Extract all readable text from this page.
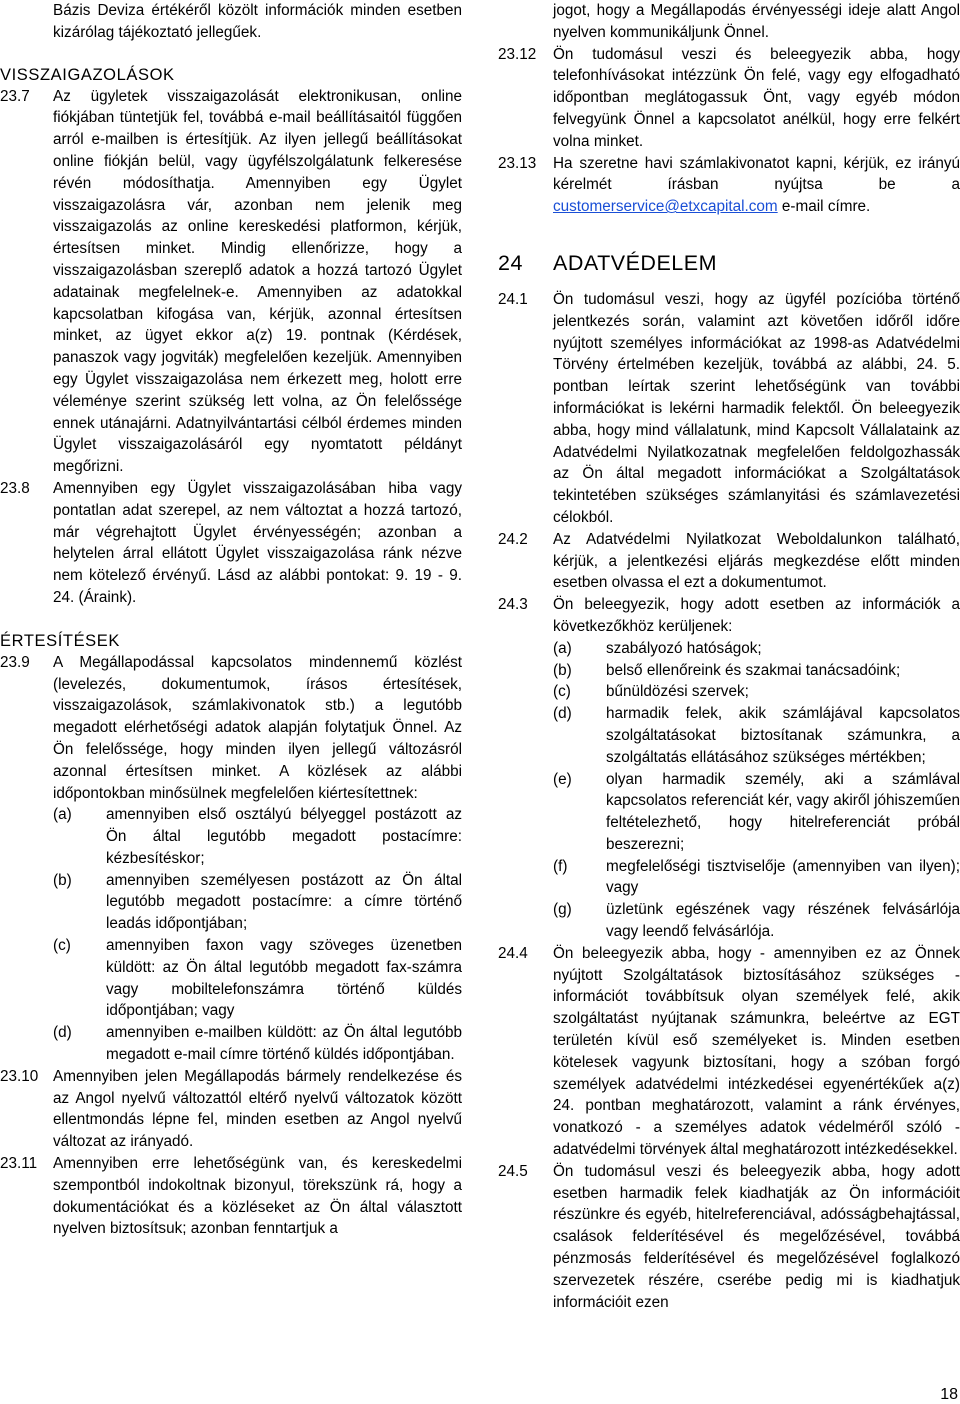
Bázis Deviza értékéről közölt információk minden esetben kizárólag tájékoztató jellegűek.

VISSZAIGAZOLÁSOK

23.7	Az ügyletek visszaigazolását elektronikusan, online fiókjában tüntetjük fel, továbbá e-mail beállításaitól függően arról e-mailben is értesítjük. Az ilyen jellegű beállításokat online fiókján belül, vagy ügyfélszolgálatunk felkeresése révén módosíthatja. Amennyiben egy Ügylet visszaigazolásra vár, azonban nem jelenik meg visszaigazolás az online kereskedési platformon, kérjük, értesítsen minket. Mindig ellenőrizze, hogy a visszaigazolásban szereplő adatok a hozzá tartozó Ügylet adatainak megfelelnek-e. Amennyiben az adatokkal kapcsolatban kifogása van, kérjük, azonnal értesítsen minket, az ügyet ekkor a(z) 19. pontnak (Kérdések, panaszok vagy jogviták) megfelelően kezeljük. Amennyiben egy Ügylet visszaigazolása nem érkezett meg, holott erre véleménye szerint szükség lett volna, az Ön felelőssége ennek utánajárni. Adatnyilvántartási célból érdemes minden Ügylet visszaigazolásáról egy nyomtatott példányt megőrizni.

23.8	Amennyiben egy Ügylet visszaigazolásában hiba vagy pontatlan adat szerepel, az nem változtat a hozzá tartozó, már végrehajtott Ügylet érvényességén; azonban a helytelen árral ellátott Ügylet visszaigazolása ránk nézve nem kötelező érvényű. Lásd az alábbi pontokat: 9. 19 - 9. 24. (Áraink).

ÉRTESÍTÉSEK

23.9	A Megállapodással kapcsolatos mindennemű közlést (levelezés, dokumentumok, írásos értesítések, visszaigazolások, számlakivonatok stb.) a legutóbb megadott elérhetőségi adatok alapján folytatjuk Önnel. Az Ön felelőssége, hogy minden ilyen jellegű változásról azonnal értesítsen minket. A közlések az alábbi időpontokban minősülnek megfelelően kiértesítettnek:

(a)	amennyiben első osztályú bélyeggel postázott az Ön által legutóbb megadott postacímre: kézbesítéskor;

(b)	amennyiben személyesen postázott az Ön által legutóbb megadott postacímre: a címre történő leadás időpontjában;

(c)	amennyiben faxon vagy szöveges üzenetben küldött: az Ön által legutóbb megadott fax-számra vagy mobiltelefonszámra történő küldés időpontjában; vagy

(d)	amennyiben e-mailben küldött: az Ön által legutóbb megadott e-mail címre történő küldés időpontjában.

23.10 Amennyiben jelen Megállapodás bármely rendelkezése és az Angol nyelvű változattól eltérő nyelvű változatok között ellentmondás lépne fel, minden esetben az Angol nyelvű változat az irányadó.

23.11	Amennyiben erre lehetőségünk van, és kereskedelmi szempontból indokoltnak bizonyul, törekszünk rá, hogy a dokumentációkat és a közléseket az Ön által választott nyelven biztosítsuk; azonban fenntartjuk a

jogot, hogy a Megállapodás érvényességi ideje alatt Angol nyelven kommunikáljunk Önnel.

23.12	Ön tudomásul veszi és beleegyezik abba, hogy telefonhívásokat intézzünk Ön felé, vagy egy elfogadható időpontban meglátogassuk Önt, vagy egyéb módon felvegyünk Önnel a kapcsolatot anélkül, hogy erre felkért volna minket.

23.13	Ha szeretne havi számlakivonatot kapni, kérjük, ez irányú kérelmét írásban nyújtsa be a customerservice@etxcapital.com e-mail címre.

24	ADATVÉDELEM
24.1	Ön tudomásul veszi, hogy az ügyfél pozícióba történő jelentkezés során, valamint azt követően időről időre nyújtott személyes információkat az 1998-as Adatvédelmi Törvény értelmében kezeljük, továbbá az alábbi, 24. 5. pontban leírtak szerint lehetőségünk van további információkat is lekérni harmadik felektől. Ön beleegyezik abba, hogy mind vállalatunk, mind Kapcsolt Vállalataink az Adatvédelmi Nyilatkozatnak megfelelően feldolgozhassák az Ön által megadott információkat a Szolgáltatások tekintetében szükséges számlanyitási és számlavezetési célokból.

24.2	Az Adatvédelmi Nyilatkozat Weboldalunkon található, kérjük, a jelentkezési eljárás megkezdése előtt minden esetben olvassa el ezt a dokumentumot.

24.3	Ön beleegyezik, hogy adott esetben az információk a következőkhöz kerüljenek:

(a)	szabályozó hatóságok;

(b)	belső ellenőreink és szakmai tanácsadóink;

(c)	bűnüldözési szervek;

(d)	harmadik felek, akik számlájával kapcsolatos szolgáltatásokat biztosítanak számunkra, a szolgáltatás ellátásához szükséges mértékben;

(e)	olyan harmadik személy, aki a számlával kapcsolatos referenciát kér, vagy akiről jóhiszeműen feltételezhető, hogy hitelreferenciát próbál beszerezni;

(f)	megfelelőségi tisztviselője (amennyiben van ilyen); vagy

(g)	üzletünk egészének vagy részének felvásárlója vagy leendő felvásárlója.

24.4	Ön beleegyezik abba, hogy - amennyiben ez az Önnek nyújtott Szolgáltatások biztosításához szükséges - információt továbbítsuk olyan személyek felé, akik szolgáltatást nyújtanak számunkra, beleértve az EGT területén kívül eső személyeket is. Minden esetben kötelesek vagyunk biztosítani, hogy a szóban forgó személyek adatvédelmi intézkedései egyenértékűek a(z) 24. pontban meghatározott, valamint a ránk érvényes, vonatkozó - a személyes adatok védelméről szóló - adatvédelmi törvények által meghatározott intézkedésekkel.

24.5	Ön tudomásul veszi és beleegyezik abba, hogy adott esetben harmadik felek kiadhatják az Ön információit részünkre és egyéb, hitelreferenciával, adósságbehajtással, csalások felderítésével és megelőzésével, továbbá pénzmosás felderítésével és megelőzésével foglalkozó szervezetek részére, cserébe pedig mi is kiadhatjuk információit ezen

18
